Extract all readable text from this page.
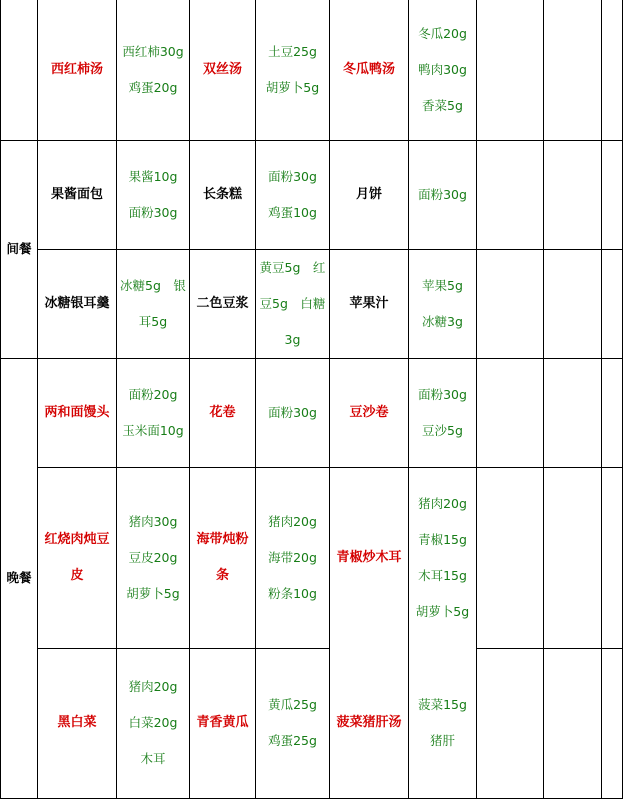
	西红柿汤	西红柿30g　鸡蛋20g	双丝汤	土豆25g　胡萝卜5g	冬瓜鸭汤	冬瓜20g　鸭肉30g　香菜5g			

间餐	果酱面包	果酱10g　面粉30g	长条糕	面粉30g　鸡蛋10g	月饼	面粉30g			

	冰糖银耳羹	冰糖5g　银耳5g	二色豆浆	黄豆5g　红豆5g　白糖3g	苹果汁	苹果5g　冰糖3g			

晚餐	两和面馒头	面粉20g　玉米面10g	花卷	面粉30g	豆沙卷	面粉30g　豆沙5g			

	红烧肉炖豆皮	猪肉30g　豆皮20g　胡萝卜5g	海带炖粉条	猪肉20g　海带20g　粉条10g	青椒炒木耳	猪肉20g　青椒15g　木耳15g　胡萝卜5g			

	黑白菜	猪肉20g　白菜20g　木耳	青香黄瓜	黄瓜25g　鸡蛋25g	菠菜猪肝汤	菠菜15g　猪肝			
